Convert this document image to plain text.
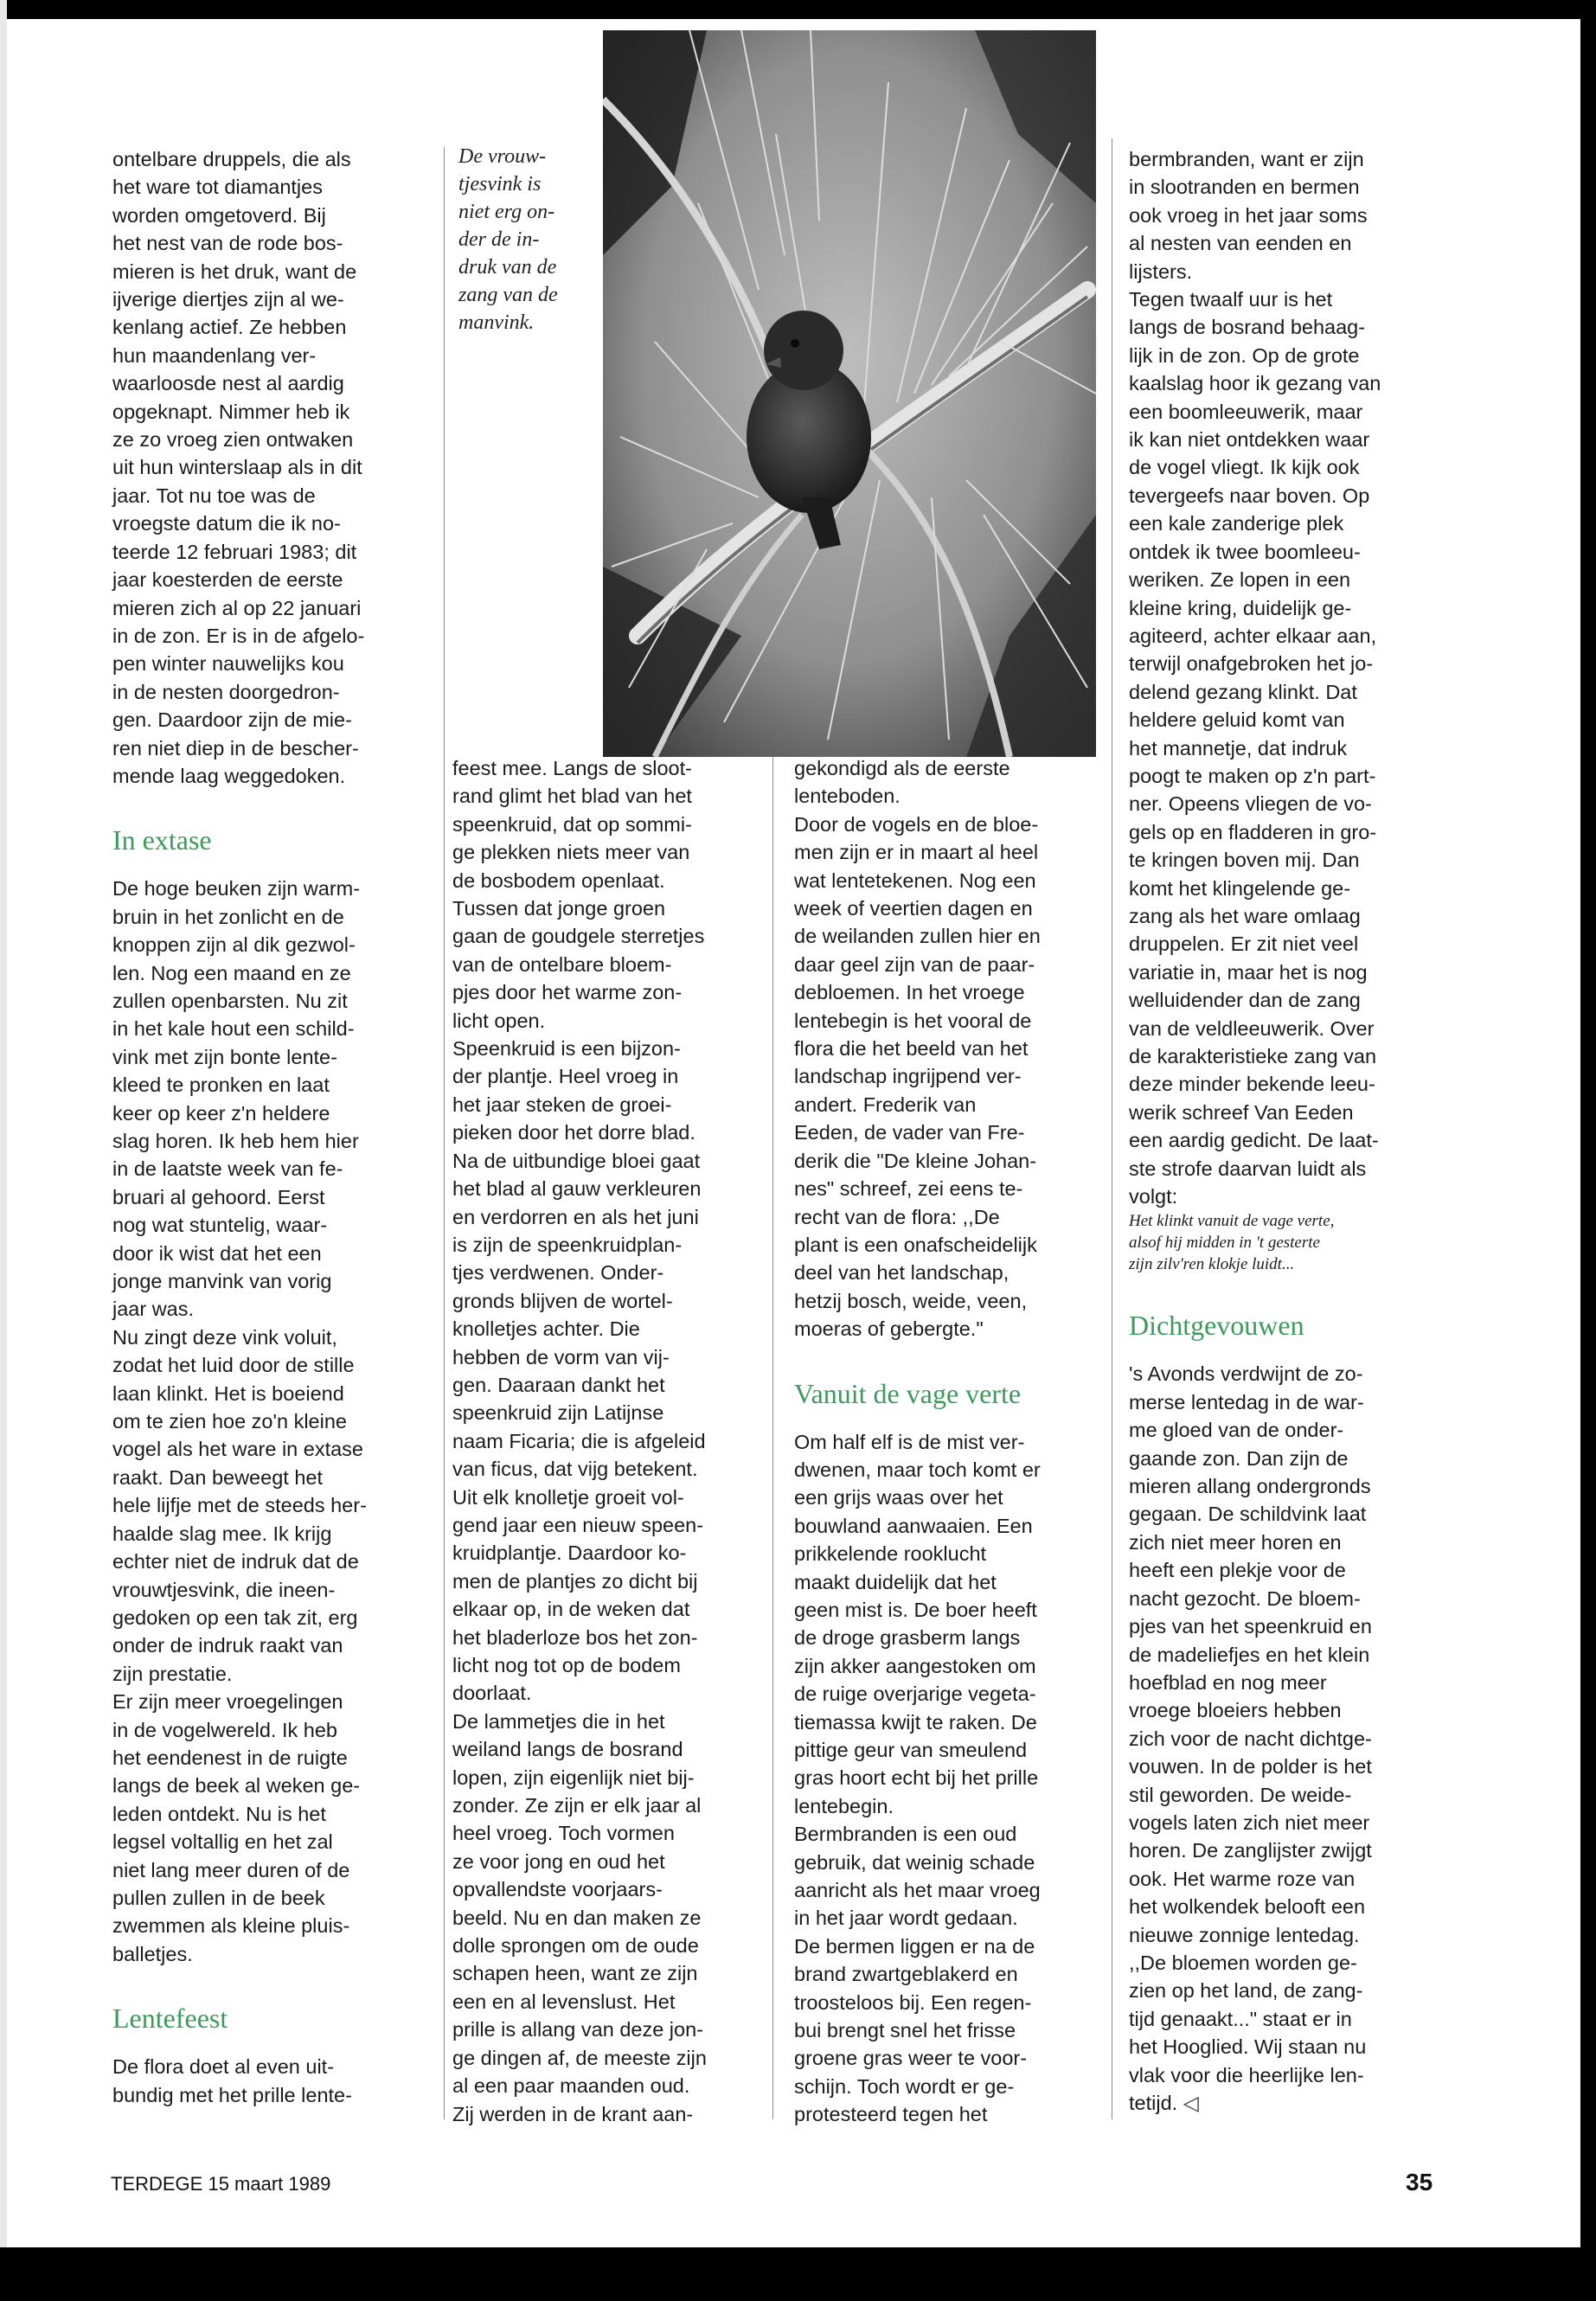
De vrouw-
tjesvink is
niet erg on-
der de in-
druk van de
zang van de
manvink.

ontelbare druppels, die als
het ware tot diamantjes
worden omgetoverd. Bij
het nest van de rode bos-
mieren is het druk, want de
ijverige diertjes zijn al we-
kenlang actief. Ze hebben
hun maandenlang ver-
waarloosde nest al aardig
opgeknapt. Nimmer heb ik
ze zo vroeg zien ontwaken
uit hun winterslaap als in dit
jaar. Tot nu toe was de
vroegste datum die ik no-
teerde 12 februari 1983; dit
jaar koesterden de eerste
mieren zich al op 22 januari
in de zon. Er is in de afgelo-
pen winter nauwelijks kou
in de nesten doorgedron-
gen. Daardoor zijn de mie-
ren niet diep in de bescher-
mende laag weggedoken.

In extase

De hoge beuken zijn warm-
bruin in het zonlicht en de
knoppen zijn al dik gezwol-
len. Nog een maand en ze
zullen openbarsten. Nu zit
in het kale hout een schild-
vink met zijn bonte lente-
kleed te pronken en laat
keer op keer z'n heldere
slag horen. Ik heb hem hier
in de laatste week van fe-
bruari al gehoord. Eerst
nog wat stuntelig, waar-
door ik wist dat het een
jonge manvink van vorig
jaar was.
Nu zingt deze vink voluit,
zodat het luid door de stille
laan klinkt. Het is boeiend
om te zien hoe zo'n kleine
vogel als het ware in extase
raakt. Dan beweegt het
hele lijfje met de steeds her-
haalde slag mee. Ik krijg
echter niet de indruk dat de
vrouwtjesvink, die ineen-
gedoken op een tak zit, erg
onder de indruk raakt van
zijn prestatie.
Er zijn meer vroegelingen
in de vogelwereld. Ik heb
het eendenest in de ruigte
langs de beek al weken ge-
leden ontdekt. Nu is het
legsel voltallig en het zal
niet lang meer duren of de
pullen zullen in de beek
zwemmen als kleine pluis-
balletjes.

Lentefeest

De flora doet al even uit-
bundig met het prille lente-

feest mee. Langs de sloot-
rand glimt het blad van het
speenkruid, dat op sommi-
ge plekken niets meer van
de bosbodem openlaat.
Tussen dat jonge groen
gaan de goudgele sterretjes
van de ontelbare bloem-
pjes door het warme zon-
licht open.
Speenkruid is een bijzon-
der plantje. Heel vroeg in
het jaar steken de groei-
pieken door het dorre blad.
Na de uitbundige bloei gaat
het blad al gauw verkleuren
en verdorren en als het juni
is zijn de speenkruidplan-
tjes verdwenen. Onder-
gronds blijven de wortel-
knolletjes achter. Die
hebben de vorm van vij-
gen. Daaraan dankt het
speenkruid zijn Latijnse
naam Ficaria; die is afgeleid
van ficus, dat vijg betekent.
Uit elk knolletje groeit vol-
gend jaar een nieuw speen-
kruidplantje. Daardoor ko-
men de plantjes zo dicht bij
elkaar op, in de weken dat
het bladerloze bos het zon-
licht nog tot op de bodem
doorlaat.
De lammetjes die in het
weiland langs de bosrand
lopen, zijn eigenlijk niet bij-
zonder. Ze zijn er elk jaar al
heel vroeg. Toch vormen
ze voor jong en oud het
opvallendste voorjaars-
beeld. Nu en dan maken ze
dolle sprongen om de oude
schapen heen, want ze zijn
een en al levenslust. Het
prille is allang van deze jon-
ge dingen af, de meeste zijn
al een paar maanden oud.
Zij werden in de krant aan-

gekondigd als de eerste
lenteboden.
Door de vogels en de bloe-
men zijn er in maart al heel
wat lentetekenen. Nog een
week of veertien dagen en
de weilanden zullen hier en
daar geel zijn van de paar-
debloemen. In het vroege
lentebegin is het vooral de
flora die het beeld van het
landschap ingrijpend ver-
andert. Frederik van
Eeden, de vader van Fre-
derik die "De kleine Johan-
nes" schreef, zei eens te-
recht van de flora: ,,De
plant is een onafscheidelijk
deel van het landschap,
hetzij bosch, weide, veen,
moeras of gebergte."

Vanuit de vage verte

Om half elf is de mist ver-
dwenen, maar toch komt er
een grijs waas over het
bouwland aanwaaien. Een
prikkelende rooklucht
maakt duidelijk dat het
geen mist is. De boer heeft
de droge grasberm langs
zijn akker aangestoken om
de ruige overjarige vegeta-
tiemassa kwijt te raken. De
pittige geur van smeulend
gras hoort echt bij het prille
lentebegin.
Bermbranden is een oud
gebruik, dat weinig schade
aanricht als het maar vroeg
in het jaar wordt gedaan.
De bermen liggen er na de
brand zwartgeblakerd en
troosteloos bij. Een regen-
bui brengt snel het frisse
groene gras weer te voor-
schijn. Toch wordt er ge-
protesteerd tegen het

bermbranden, want er zijn
in slootranden en bermen
ook vroeg in het jaar soms
al nesten van eenden en
lijsters.
Tegen twaalf uur is het
langs de bosrand behaag-
lijk in de zon. Op de grote
kaalslag hoor ik gezang van
een boomleeuwerik, maar
ik kan niet ontdekken waar
de vogel vliegt. Ik kijk ook
tevergeefs naar boven. Op
een kale zanderige plek
ontdek ik twee boomleeu-
weriken. Ze lopen in een
kleine kring, duidelijk ge-
agiteerd, achter elkaar aan,
terwijl onafgebroken het jo-
delend gezang klinkt. Dat
heldere geluid komt van
het mannetje, dat indruk
poogt te maken op z'n part-
ner. Opeens vliegen de vo-
gels op en fladderen in gro-
te kringen boven mij. Dan
komt het klingelende ge-
zang als het ware omlaag
druppelen. Er zit niet veel
variatie in, maar het is nog
welluidender dan de zang
van de veldleeuwerik. Over
de karakteristieke zang van
deze minder bekende leeu-
werik schreef Van Eeden
een aardig gedicht. De laat-
ste strofe daarvan luidt als
volgt:

Het klinkt vanuit de vage verte,
alsof hij midden in 't gesterte
zijn zilv'ren klokje luidt...

Dichtgevouwen

's Avonds verdwijnt de zo-
merse lentedag in de war-
me gloed van de onder-
gaande zon. Dan zijn de
mieren allang ondergronds
gegaan. De schildvink laat
zich niet meer horen en
heeft een plekje voor de
nacht gezocht. De bloem-
pjes van het speenkruid en
de madeliefjes en het klein
hoefblad en nog meer
vroege bloeiers hebben
zich voor de nacht dichtge-
vouwen. In de polder is het
stil geworden. De weide-
vogels laten zich niet meer
horen. De zanglijster zwijgt
ook. Het warme roze van
het wolkendek belooft een
nieuwe zonnige lentedag.
,,De bloemen worden ge-
zien op het land, de zang-
tijd genaakt..." staat er in
het Hooglied. Wij staan nu
vlak voor die heerlijke len-
tetijd. ◁

TERDEGE 15 maart 1989	35
